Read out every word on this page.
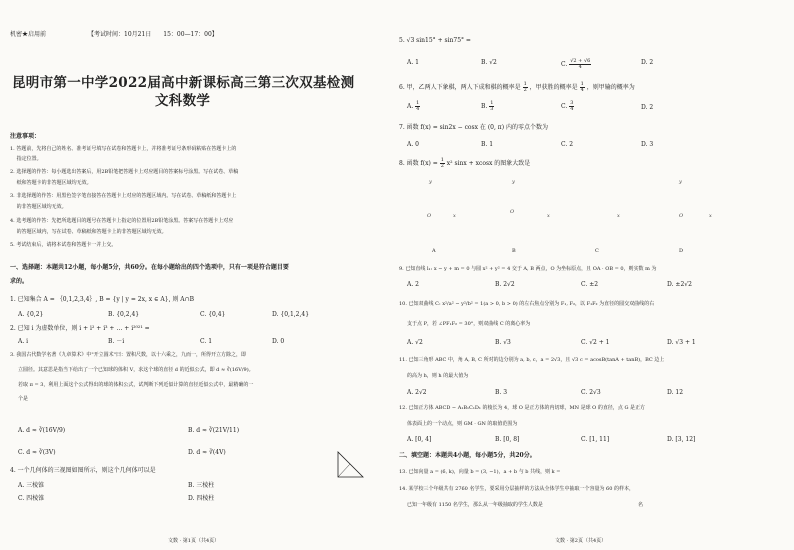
机密★启用前	【考试时间：10月21日　　15：00—17：00】
昆明市第一中学2022届高中新课标高三第三次双基检测
文科数学
注意事项：
1. 答题前，先将自己的姓名、准考证号填写在试卷和答题卡上，并将准考证号条形码粘贴在答题卡上的
　 指定位置。
2. 选择题的作答：每小题选出答案后，用2B铅笔把答题卡上对应题目的答案标号涂黑。写在试卷、草稿
　 纸和答题卡的非答题区域均无效。
3. 非选择题的作答：用黑色签字笔直接答在答题卡上对应的答题区域内。写在试卷、草稿纸和答题卡上
　 的非答题区域均无效。
4. 选考题的作答：先把所选题目的题号在答题卡上指定的位置用2B铅笔涂黑。答案写在答题卡上对应
　 的答题区域内，写在试卷、草稿纸和答题卡上的非答题区域均无效。
5. 考试结束后，请将本试卷和答题卡一并上交。
一、选择题：本题共12小题，每小题5分，共60分。在每小题给出的四个选项中，只有一项是符合题目要
求的。
1. 已知集合 A = ｛0,1,2,3,4｝, B = {y | y = 2x, x ∈ A}, 则 A∩B
A. {0,2}	B. {0,2,4}	C. {0,4}	D. {0,1,2,4}
2. 已知 i 为虚数单位，则 i + i² + i³ + … + i²⁰²¹ =
A. i	B. －i	C. 1	D. 0
3. 我国古代数学名著《九章算术》中"开立圆术"曰：置积尺数，以十六乘之，九而一，所得开立方除之，即
立圆径。其意思是指当下给出了一个已知球的体积 V，求这个球的直径 d 的近似公式，即 d ≈ ∛(16V/9)。
若取 π = 3，利用上面这个公式得出的球的体积公式，试判断下列近似计算的直径近似公式中，最精确的一
个是
A. d ≈ ∛(16V/9)	B. d ≈ ∛(21V/11)
C. d ≈ ∛(3V)	D. d ≈ ∛(4V)
4. 一个几何体的三视图如图所示，则这个几何体可以是
A. 三棱锥	B. 三棱柱
C. 四棱锥	D. 四棱柱
文数 · 第1页（共4页）
5. √3 sin15° + sin75° =
A. 1	B. √2	C. $\frac{√2 + √6}{4}$	D. 2
6. 甲，乙两人下象棋，两人下成和棋的概率是 $\frac{1}{2}$ ，甲获胜的概率是 $\frac{1}{4}$ ，则甲输的概率为
A. $\frac{1}{4}$	B. $\frac{1}{3}$	C. $\frac{3}{4}$	D. 2
7. 函数 f(x) = sin2x − cosx 在 (0, π) 内的零点个数为
A. 0	B. 1	C. 2	D. 3
8. 函数 $f(x) = \frac{1}{2} x^2$ sinx + xcosx 的图象大致是
y
O	x
y
O
x	x
y
O	x
A	B	C	D
9. 已知直线 l₁: x − y + m = 0 与圆 x² + y² = 4 交于 A, B 两点，O 为坐标原点，且 OA · OB = 0，则实数 m 为
A. 2	B. 2√2	C. ±2	D. ±2√2
10. 已知双曲线 C: x²/a² − y²/b² = 1(a > 0, b > 0) 的左右焦点分别为 F₁, F₂，以 F₁F₂ 为直径的圆交双曲线的右
支于点 P，若 ∠PF₁F₂ = 30°，则双曲线 C 的离心率为
A. √2	B. √3	C. √2 + 1	D. √3 + 1
11. 已知三角形 ABC 中，角 A, B, C 所对的边分别为 a, b, c，a = 2√3，且 √3 c = acosB(tanA + tanB)，BC 边上
的高为 h，则 h 的最大值为
A. 2√2	B. 3	C. 2√3	D. 12
12. 已知正方体 ABCD − A₁B₁C₁D₁ 的棱长为 4，球 O 是正方体的内切球，MN 是球 O 的直径，点 G 是正方
体表面上的一个动点，则 GM · GN 的取值范围为
A. [0, 4]	B. [0, 8]	C. [1, 11]	D. [3, 12]
二、填空题：本题共4小题，每小题5分，共20分。
13. 已知向量 a = (6, k)，向量 b = (3, −1)，a + b 与 b 共线，则 k =
14. 某学校三个年级共有 2760 名学生，要采用分层抽样的方法从全体学生中抽取一个容量为 60 的样本，
已知一年级有 1150 名学生，那么从一年级抽取的学生人数是	名
文数 · 第2页（共4页）
